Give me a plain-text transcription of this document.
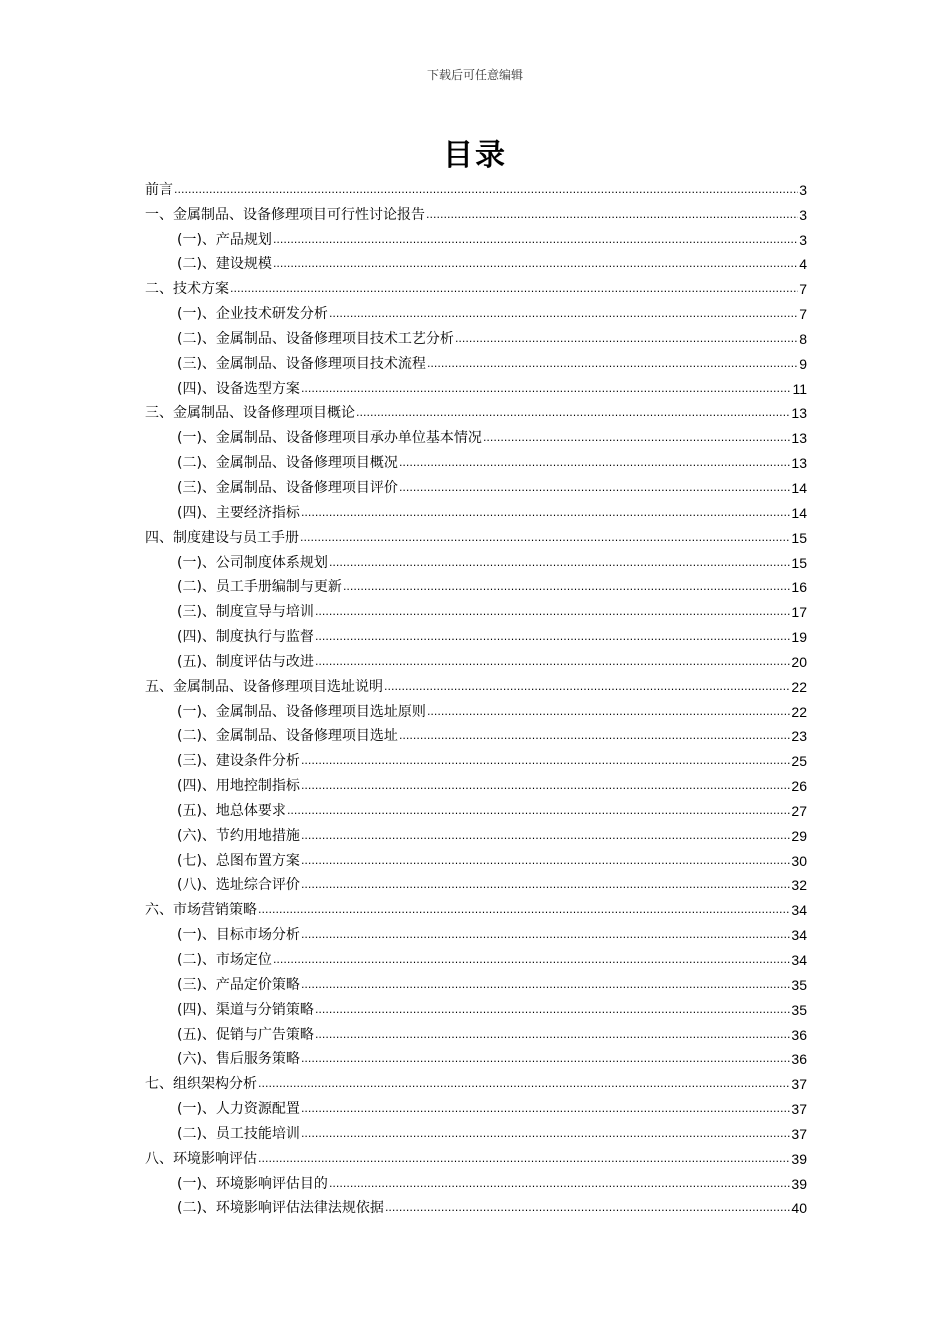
下载后可任意编辑
目录
前言 .....	3
一、金属制品、设备修理项目可行性讨论报告 .....	3
(一)、产品规划 .....	3
(二)、建设规模 .....	4
二、技术方案 .....	7
(一)、企业技术研发分析 .....	7
(二)、金属制品、设备修理项目技术工艺分析 .....	8
(三)、金属制品、设备修理项目技术流程 .....	9
(四)、设备选型方案 .....	11
三、金属制品、设备修理项目概论 .....	13
(一)、金属制品、设备修理项目承办单位基本情况 .....	13
(二)、金属制品、设备修理项目概况 .....	13
(三)、金属制品、设备修理项目评价 .....	14
(四)、主要经济指标 .....	14
四、制度建设与员工手册 .....	15
(一)、公司制度体系规划 .....	15
(二)、员工手册编制与更新 .....	16
(三)、制度宣导与培训 .....	17
(四)、制度执行与监督 .....	19
(五)、制度评估与改进 .....	20
五、金属制品、设备修理项目选址说明 .....	22
(一)、金属制品、设备修理项目选址原则 .....	22
(二)、金属制品、设备修理项目选址 .....	23
(三)、建设条件分析 .....	25
(四)、用地控制指标 .....	26
(五)、地总体要求 .....	27
(六)、节约用地措施 .....	29
(七)、总图布置方案 .....	30
(八)、选址综合评价 .....	32
六、市场营销策略 .....	34
(一)、目标市场分析 .....	34
(二)、市场定位 .....	34
(三)、产品定价策略 .....	35
(四)、渠道与分销策略 .....	35
(五)、促销与广告策略 .....	36
(六)、售后服务策略 .....	36
七、组织架构分析 .....	37
(一)、人力资源配置 .....	37
(二)、员工技能培训 .....	37
八、环境影响评估 .....	39
(一)、环境影响评估目的 .....	39
(二)、环境影响评估法律法规依据 .....	40
